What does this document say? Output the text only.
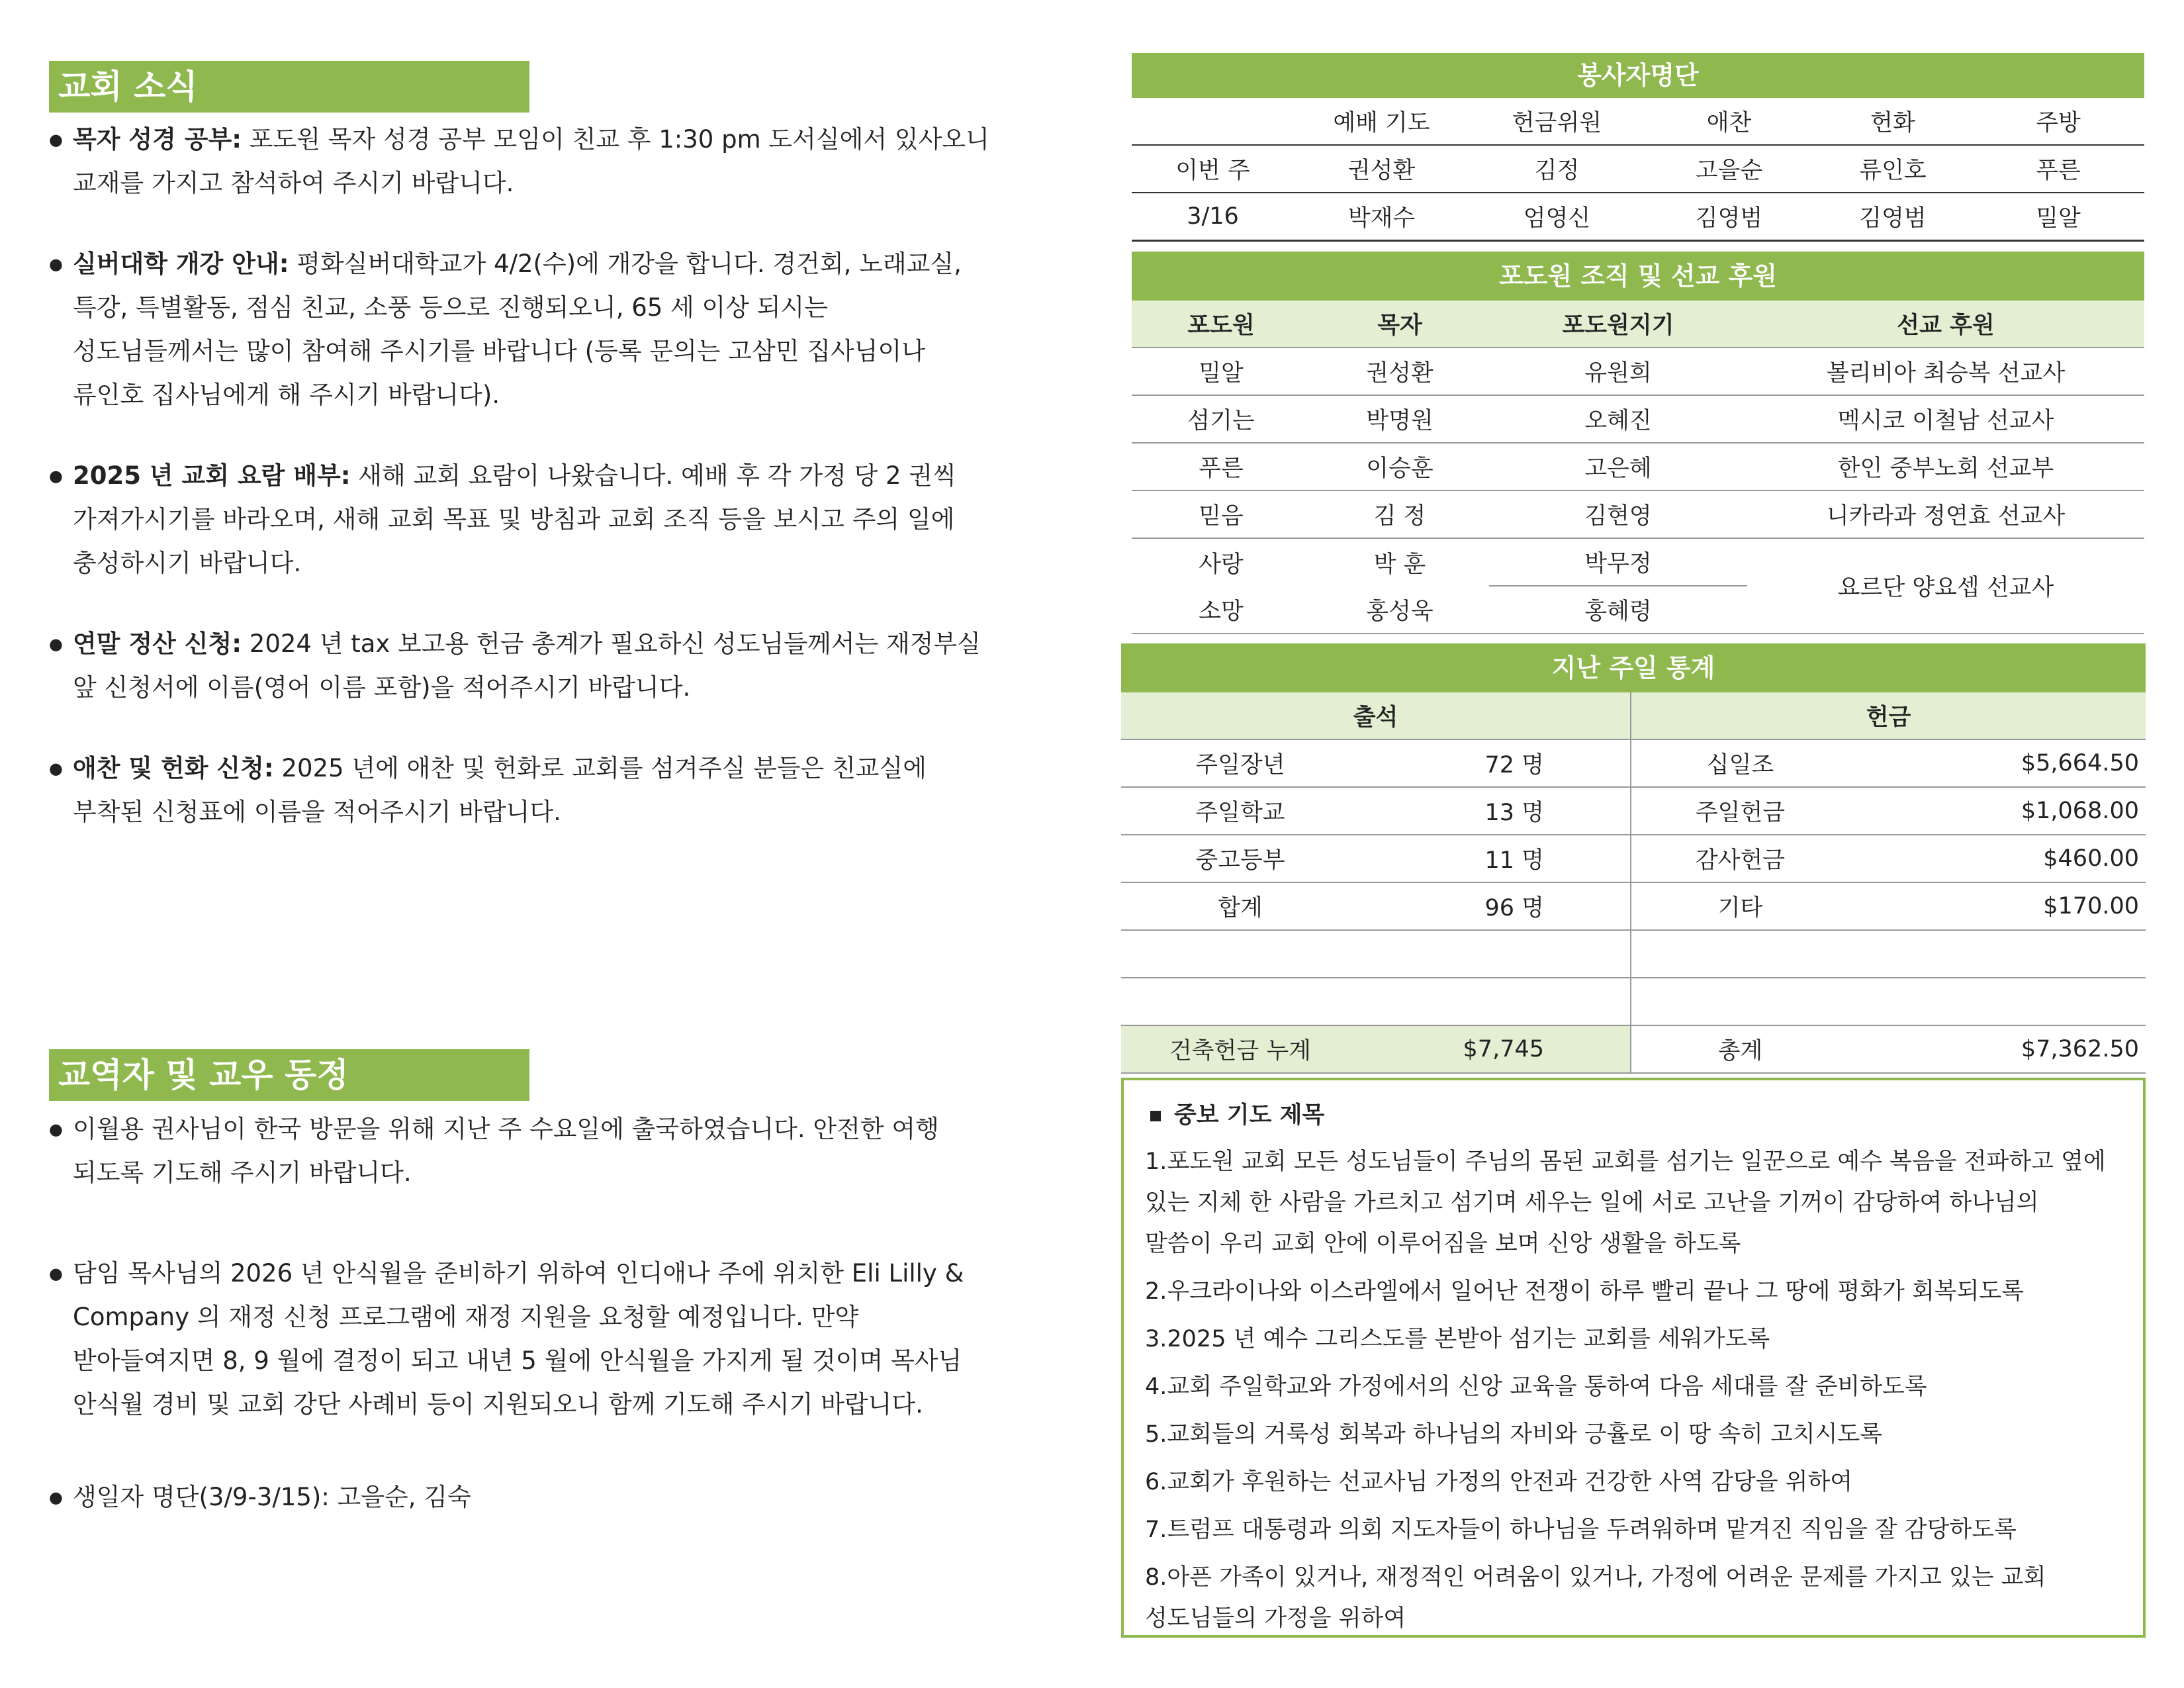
교회 소식
● 목자 성경 공부: 포도원 목자 성경 공부 모임이 친교 후 1:30 pm 도서실에서 있사오니
교재를 가지고 참석하여 주시기 바랍니다.
● 실버대학 개강 안내: 평화실버대학교가 4/2(수)에 개강을 합니다. 경건회, 노래교실,
특강, 특별활동, 점심 친교, 소풍 등으로 진행되오니, 65 세 이상 되시는
성도님들께서는 많이 참여해 주시기를 바랍니다 (등록 문의는 고삼민 집사님이나
류인호 집사님에게 해 주시기 바랍니다).
● 2025 년 교회 요람 배부: 새해 교회 요람이 나왔습니다. 예배 후 각 가정 당 2 권씩
가져가시기를 바라오며, 새해 교회 목표 및 방침과 교회 조직 등을 보시고 주의 일에
충성하시기 바랍니다.
● 연말 정산 신청: 2024 년 tax 보고용 헌금 총계가 필요하신 성도님들께서는 재정부실
앞 신청서에 이름(영어 이름 포함)을 적어주시기 바랍니다.
● 애찬 및 헌화 신청: 2025 년에 애찬 및 헌화로 교회를 섬겨주실 분들은 친교실에
부착된 신청표에 이름을 적어주시기 바랍니다.
교역자 및 교우 동정
● 이월용 권사님이 한국 방문을 위해 지난 주 수요일에 출국하였습니다. 안전한 여행
되도록 기도해 주시기 바랍니다.
● 담임 목사님의 2026 년 안식월을 준비하기 위하여 인디애나 주에 위치한 Eli Lilly &
Company 의 재정 신청 프로그램에 재정 지원을 요청할 예정입니다. 만약
받아들여지면 8, 9 월에 결정이 되고 내년 5 월에 안식월을 가지게 될 것이며 목사님
안식월 경비 및 교회 강단 사례비 등이 지원되오니 함께 기도해 주시기 바랍니다.
● 생일자 명단(3/9-3/15): 고을순, 김숙
봉사자명단
	예배 기도	헌금위원	애찬	헌화	주방
이번 주	권성환	김정	고을순	류인호	푸른
3/16	박재수	엄영신	김영범	김영범	밀알
포도원 조직 및 선교 후원
포도원	목자	포도원지기	선교 후원
밀알	권성환	유원희	볼리비아 최승복 선교사
섬기는	박명원	오혜진	멕시코 이철남 선교사
푸른	이승훈	고은혜	한인 중부노회 선교부
믿음	김 정	김현영	니카라과 정연효 선교사
사랑	박 훈	박무정	요르단 양요셉 선교사
소망	홍성욱	홍혜령	
지난 주일 통계
출석		헌금	
주일장년	72 명	십일조	$5,664.50
주일학교	13 명	주일헌금	$1,068.00
중고등부	11 명	감사헌금	$460.00
합계	96 명	기타	$170.00

건축헌금 누계	$7,745	총계	$7,362.50
중보 기도 제목
1.포도원 교회 모든 성도님들이 주님의 몸된 교회를 섬기는 일꾼으로 예수 복음을 전파하고 옆에
있는 지체 한 사람을 가르치고 섬기며 세우는 일에 서로 고난을 기꺼이 감당하여 하나님의
말씀이 우리 교회 안에 이루어짐을 보며 신앙 생활을 하도록
2.우크라이나와 이스라엘에서 일어난 전쟁이 하루 빨리 끝나 그 땅에 평화가 회복되도록
3.2025 년 예수 그리스도를 본받아 섬기는 교회를 세워가도록
4.교회 주일학교와 가정에서의 신앙 교육을 통하여 다음 세대를 잘 준비하도록
5.교회들의 거룩성 회복과 하나님의 자비와 긍휼로 이 땅 속히 고치시도록
6.교회가 후원하는 선교사님 가정의 안전과 건강한 사역 감당을 위하여
7.트럼프 대통령과 의회 지도자들이 하나님을 두려워하며 맡겨진 직임을 잘 감당하도록
8.아픈 가족이 있거나, 재정적인 어려움이 있거나, 가정에 어려운 문제를 가지고 있는 교회
성도님들의 가정을 위하여
